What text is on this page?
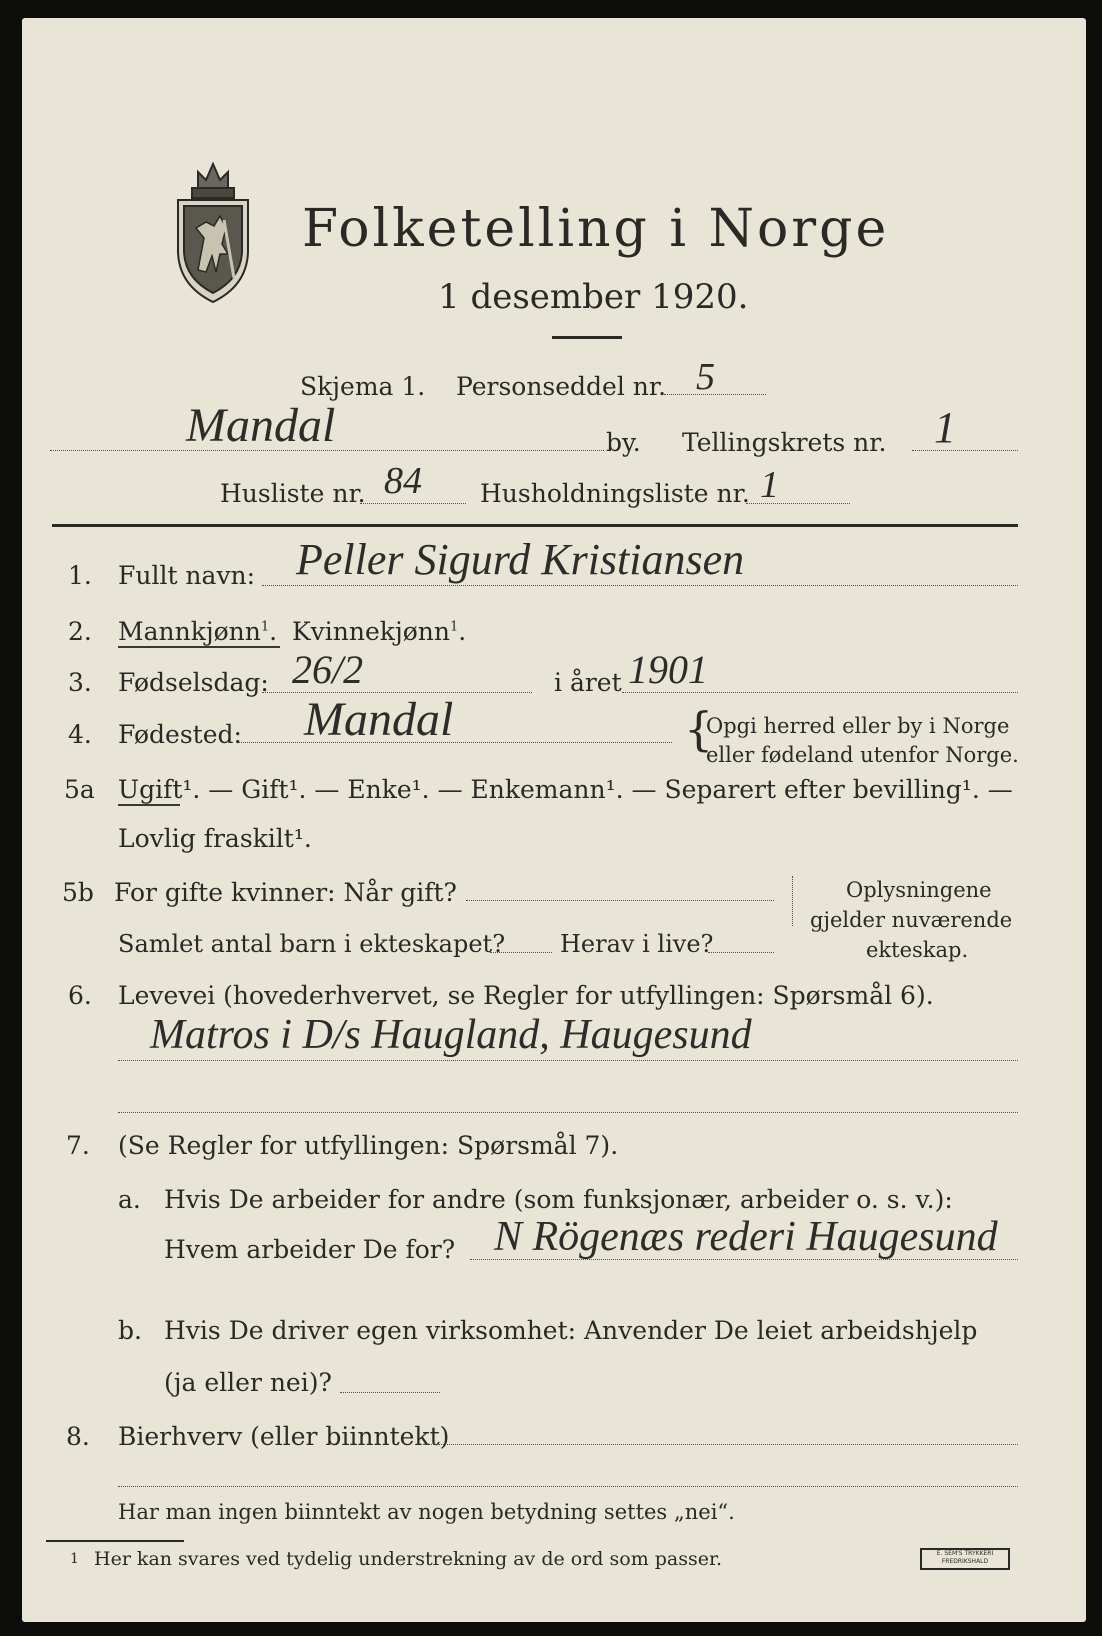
Folketelling i Norge
1 desember 1920.
Skjema 1. Personseddel nr. 5
Mandal	by. Tellingskrets nr. 1
Husliste nr. 84 Husholdningsliste nr. 1
1. Fullt navn: Peller Sigurd Kristiansen
2. Mannkjønn$^1$. Kvinnekjønn$^1$.
3. Fødselsdag: 26/2	i året 1901
4. Fødested: Mandal	{
Opgi herred eller by i Norge
eller fødeland utenfor Norge.
5a Ugift¹. — Gift¹. — Enke¹. — Enkemann¹. — Separert efter bevilling¹. —
Lovlig fraskilt¹.
5b For gifte kvinner: Når gift?
Samlet antal barn i ekteskapet? Herav i live?
Oplysningene
gjelder nuværende
ekteskap.
6. Levevei (hovederhvervet, se Regler for utfyllingen: Spørsmål 6).
Matros i D/s Haugland, Haugesund
7. (Se Regler for utfyllingen: Spørsmål 7).
a. Hvis De arbeider for andre (som funksjonær, arbeider o. s. v.):
Hvem arbeider De for? N Rögenæs rederi Haugesund
b. Hvis De driver egen virksomhet: Anvender De leiet arbeidshjelp
(ja eller nei)?
8. Bierhverv (eller biinntekt)
Har man ingen biinntekt av nogen betydning settes „nei“.
1 Her kan svares ved tydelig understrekning av de ord som passer.	E. SEM'S TRYKKERI FREDRIKSHALD
